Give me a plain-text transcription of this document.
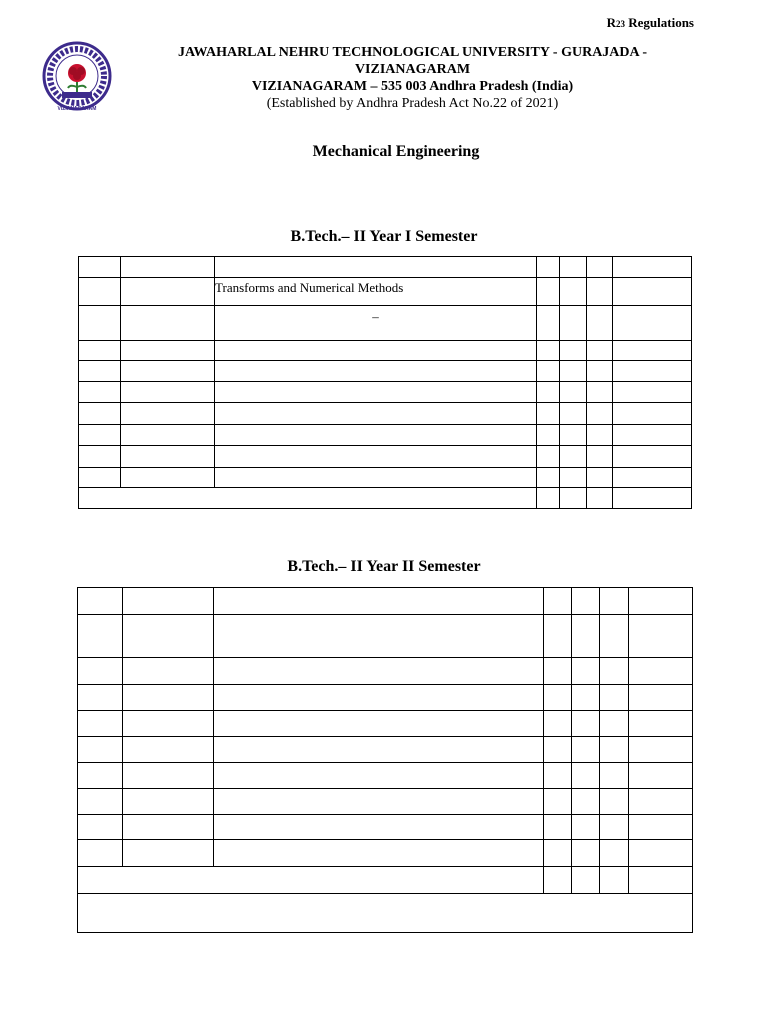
R23 Regulations
VIZIANAGARAM
JAWAHARLAL NEHRU TECHNOLOGICAL UNIVERSITY - GURAJADA -
VIZIANAGARAM
VIZIANAGARAM – 535 003 Andhra Pradesh (India)
(Established by Andhra Pradesh Act No.22 of 2021)
Mechanical Engineering
B.Tech.– II Year I Semester

		Transforms and Numerical Methods				

		–				

B.Tech.– II Year II Semester
